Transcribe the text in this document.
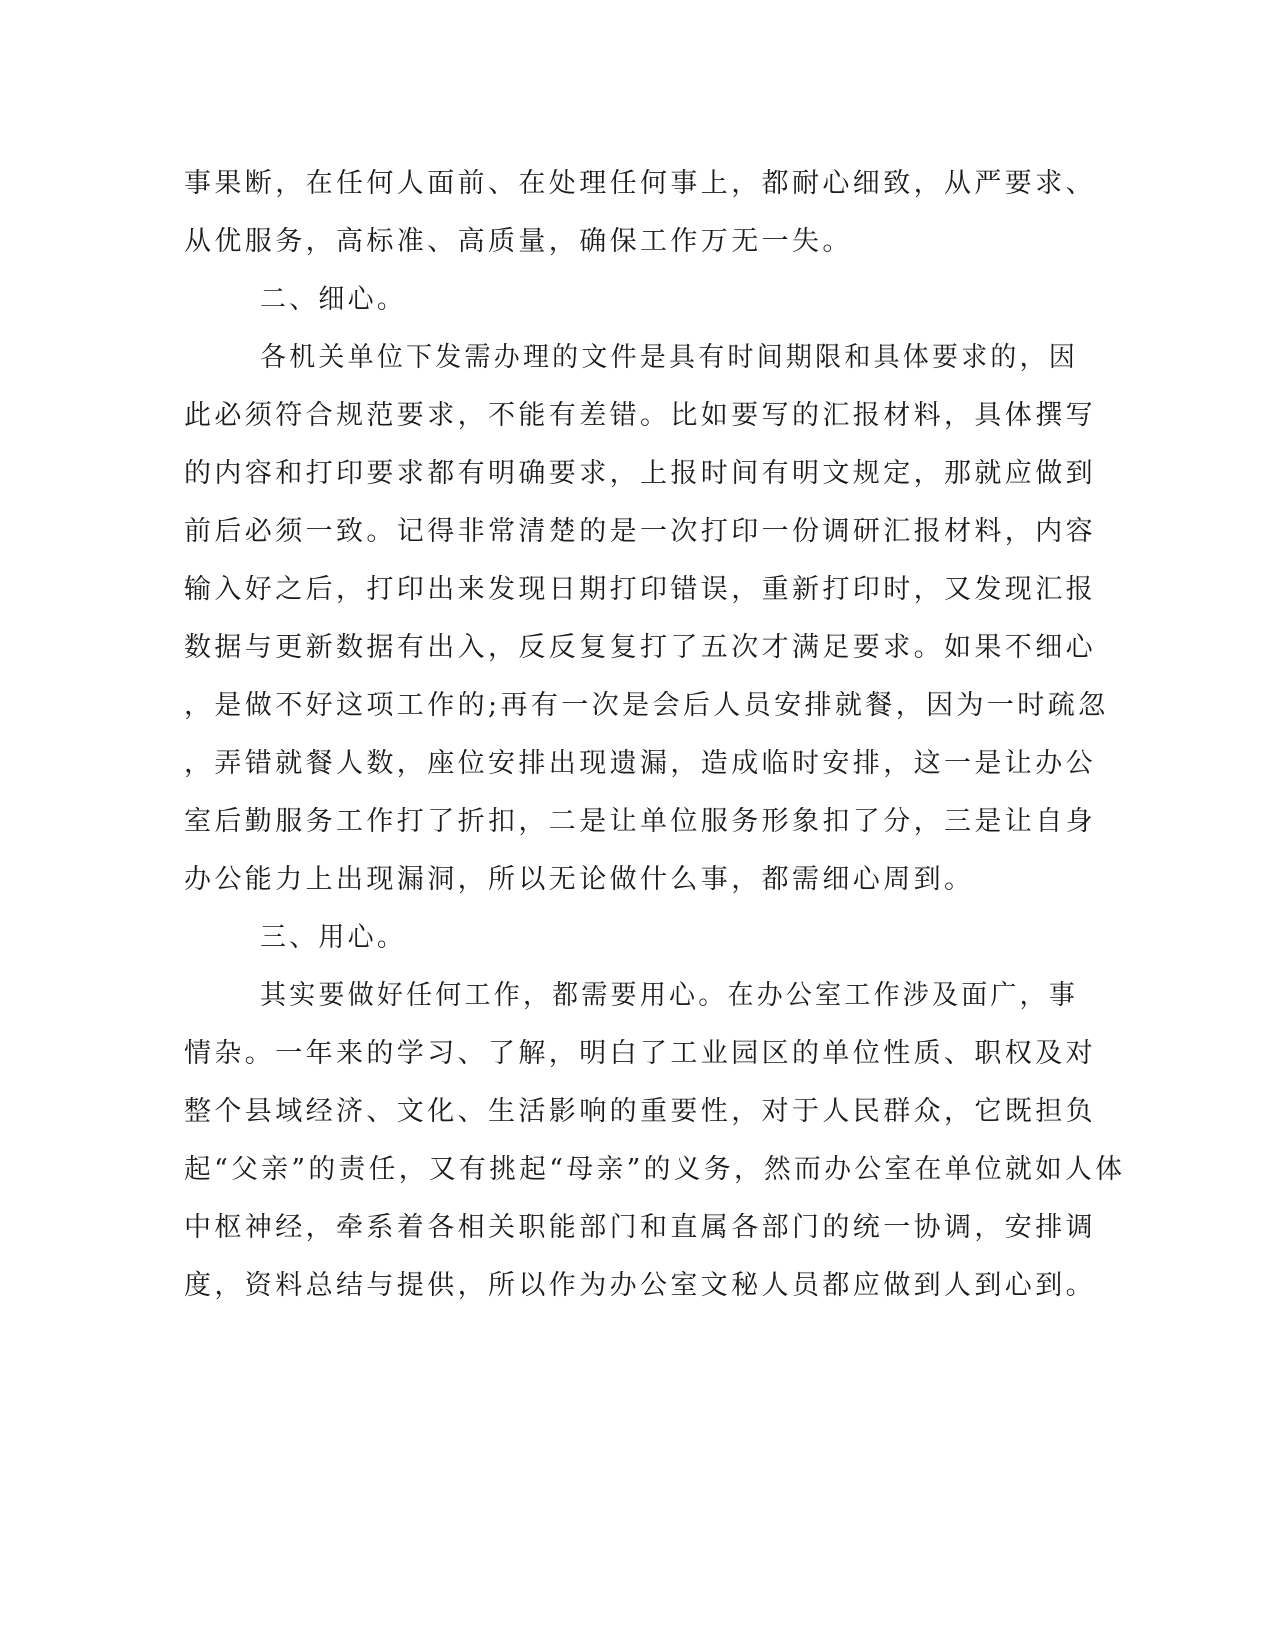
事果断，在任何人面前、在处理任何事上，都耐心细致，从严要求、
从优服务，高标准、高质量，确保工作万无一失。
二、细心。
各机关单位下发需办理的文件是具有时间期限和具体要求的，因
此必须符合规范要求，不能有差错。比如要写的汇报材料，具体撰写
的内容和打印要求都有明确要求，上报时间有明文规定，那就应做到
前后必须一致。记得非常清楚的是一次打印一份调研汇报材料，内容
输入好之后，打印出来发现日期打印错误，重新打印时，又发现汇报
数据与更新数据有出入，反反复复打了五次才满足要求。如果不细心
，是做不好这项工作的;再有一次是会后人员安排就餐，因为一时疏忽
，弄错就餐人数，座位安排出现遗漏，造成临时安排，这一是让办公
室后勤服务工作打了折扣，二是让单位服务形象扣了分，三是让自身
办公能力上出现漏洞，所以无论做什么事，都需细心周到。
三、用心。
其实要做好任何工作，都需要用心。在办公室工作涉及面广，事
情杂。一年来的学习、了解，明白了工业园区的单位性质、职权及对
整个县域经济、文化、生活影响的重要性，对于人民群众，它既担负
起“父亲”的责任，又有挑起“母亲”的义务，然而办公室在单位就如人体
中枢神经，牵系着各相关职能部门和直属各部门的统一协调，安排调
度，资料总结与提供，所以作为办公室文秘人员都应做到人到心到。
